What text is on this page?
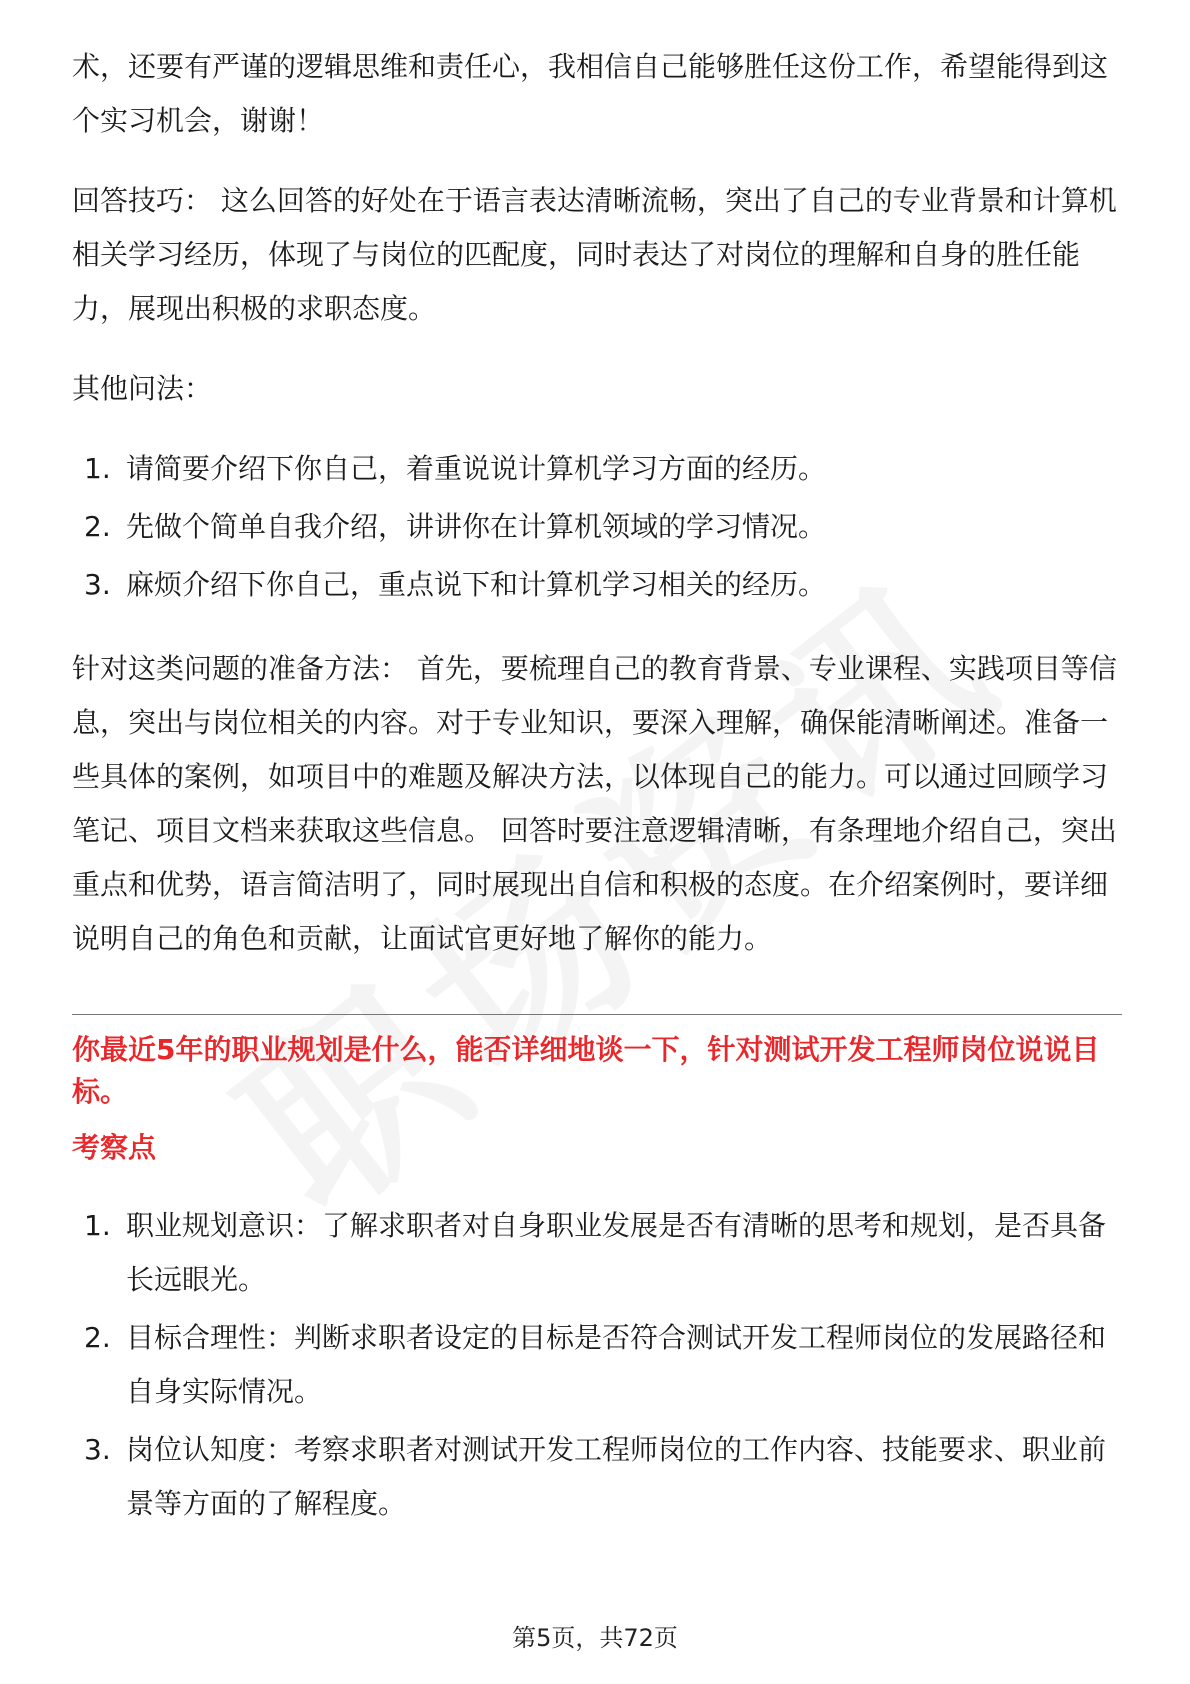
术，还要有严谨的逻辑思维和责任心，我相信自己能够胜任这份工作，希望能得到这个实习机会，谢谢！

回答技巧： 这么回答的好处在于语言表达清晰流畅，突出了自己的专业背景和计算机相关学习经历，体现了与岗位的匹配度，同时表达了对岗位的理解和自身的胜任能力，展现出积极的求职态度。

其他问法：

1. 请简要介绍下你自己，着重说说计算机学习方面的经历。
2. 先做个简单自我介绍，讲讲你在计算机领域的学习情况。
3. 麻烦介绍下你自己，重点说下和计算机学习相关的经历。

针对这类问题的准备方法： 首先，要梳理自己的教育背景、专业课程、实践项目等信息，突出与岗位相关的内容。对于专业知识，要深入理解，确保能清晰阐述。准备一些具体的案例，如项目中的难题及解决方法，以体现自己的能力。可以通过回顾学习笔记、项目文档来获取这些信息。 回答时要注意逻辑清晰，有条理地介绍自己，突出重点和优势，语言简洁明了，同时展现出自信和积极的态度。在介绍案例时，要详细说明自己的角色和贡献，让面试官更好地了解你的能力。

你最近5年的职业规划是什么，能否详细地谈一下，针对测试开发工程师岗位说说目标。

考察点

1. 职业规划意识：了解求职者对自身职业发展是否有清晰的思考和规划，是否具备长远眼光。
2. 目标合理性：判断求职者设定的目标是否符合测试开发工程师岗位的发展路径和自身实际情况。
3. 岗位认知度：考察求职者对测试开发工程师岗位的工作内容、技能要求、职业前景等方面的了解程度。
第5页，共72页
